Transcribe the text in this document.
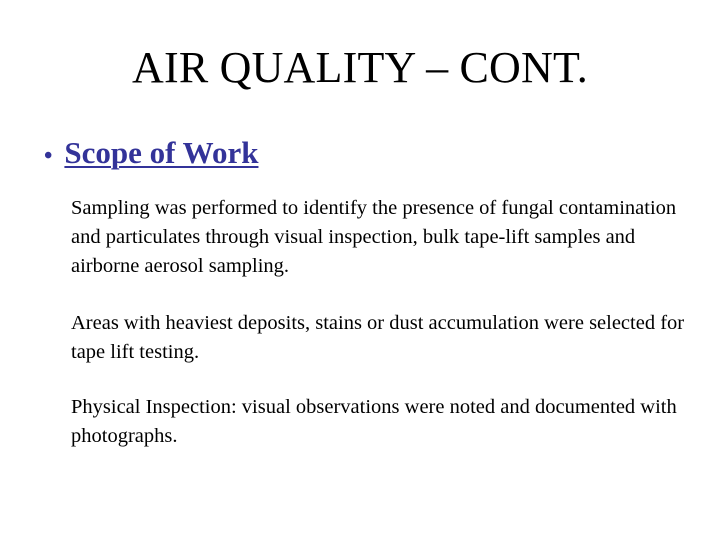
AIR QUALITY – CONT.
• Scope of Work

Sampling was performed to identify the presence of fungal contamination and particulates through visual inspection, bulk tape-lift samples and airborne aerosol sampling.

Areas with heaviest deposits, stains or dust accumulation were selected for tape lift testing.

Physical Inspection: visual observations were noted and documented with photographs.
